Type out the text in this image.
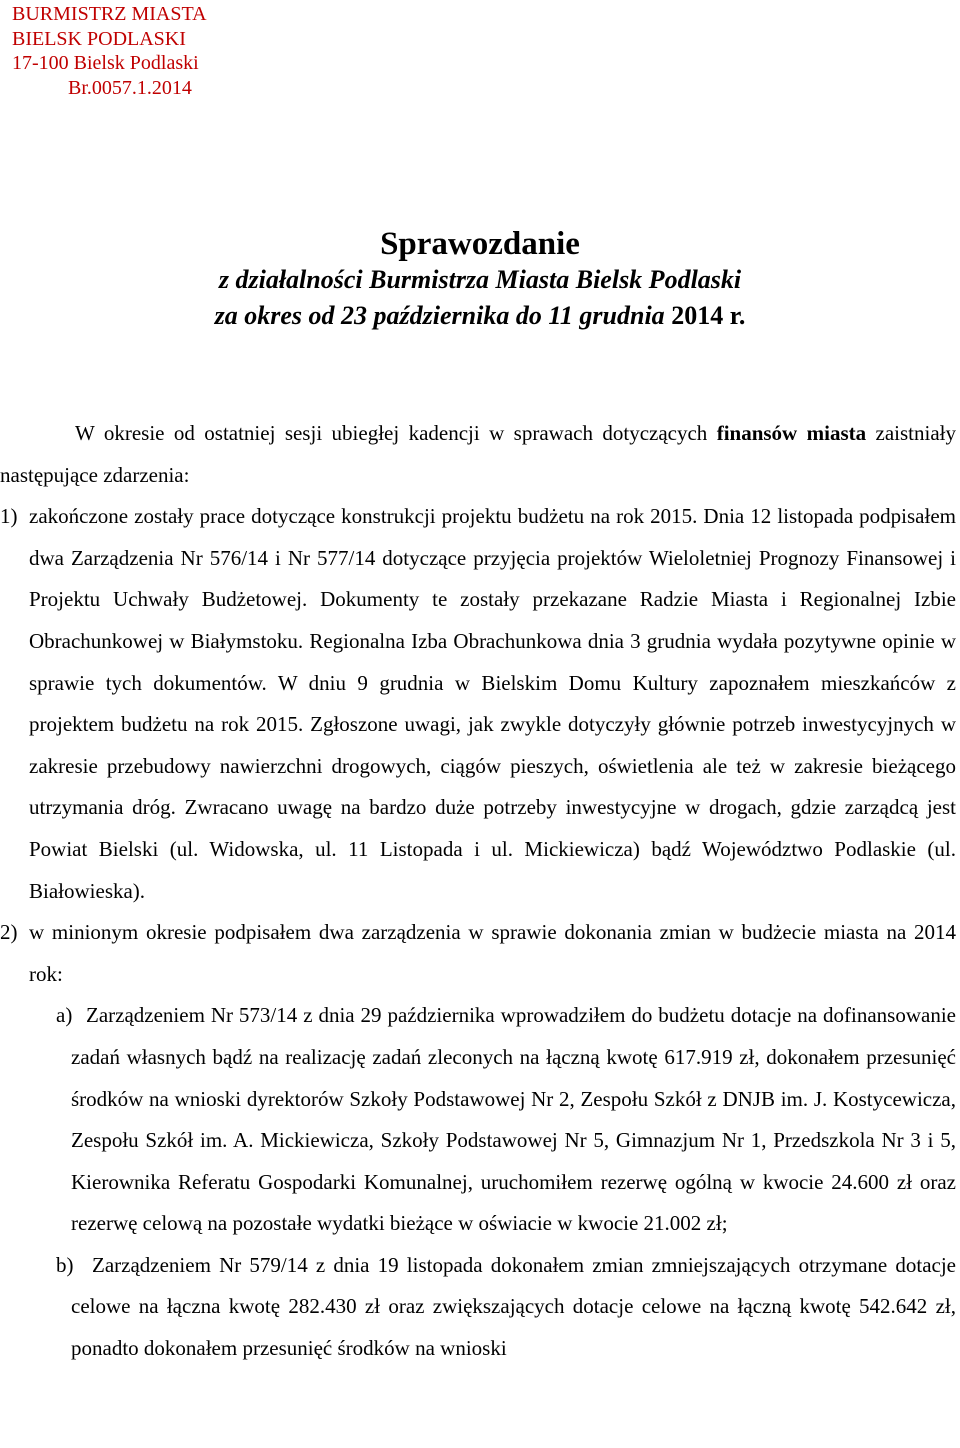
BURMISTRZ MIASTA
BIELSK PODLASKI
17-100 Bielsk Podlaski
Br.0057.1.2014
Sprawozdanie
z działalności Burmistrza Miasta Bielsk Podlaski
za okres od 23 października do 11 grudnia 2014 r.

W okresie od ostatniej sesji ubiegłej kadencji w sprawach dotyczących finansów miasta zaistniały następujące zdarzenia:

1) zakończone zostały prace dotyczące konstrukcji projektu budżetu na rok 2015. Dnia 12 listopada podpisałem dwa Zarządzenia Nr 576/14 i Nr 577/14 dotyczące przyjęcia projektów Wieloletniej Prognozy Finansowej i Projektu Uchwały Budżetowej. Dokumenty te zostały przekazane Radzie Miasta i Regionalnej Izbie Obrachunkowej w Białymstoku. Regionalna Izba Obrachunkowa dnia 3 grudnia wydała pozytywne opinie w sprawie tych dokumentów. W dniu 9 grudnia w Bielskim Domu Kultury zapoznałem mieszkańców z projektem budżetu na rok 2015. Zgłoszone uwagi, jak zwykle dotyczyły głównie potrzeb inwestycyjnych w zakresie przebudowy nawierzchni drogowych, ciągów pieszych, oświetlenia ale też w zakresie bieżącego utrzymania dróg. Zwracano uwagę na bardzo duże potrzeby inwestycyjne w drogach, gdzie zarządcą jest Powiat Bielski (ul. Widowska, ul. 11 Listopada i ul. Mickiewicza) bądź Województwo Podlaskie (ul. Białowieska).
2) w minionym okresie podpisałem dwa zarządzenia w sprawie dokonania zmian w budżecie miasta na 2014 rok:
a) Zarządzeniem Nr 573/14 z dnia 29 października wprowadziłem do budżetu dotacje na dofinansowanie zadań własnych bądź na realizację zadań zleconych na łączną kwotę 617.919 zł, dokonałem przesunięć środków na wnioski dyrektorów Szkoły Podstawowej Nr 2, Zespołu Szkół z DNJB im. J. Kostycewicza, Zespołu Szkół im. A. Mickiewicza, Szkoły Podstawowej Nr 5, Gimnazjum Nr 1, Przedszkola Nr 3 i 5, Kierownika Referatu Gospodarki Komunalnej, uruchomiłem rezerwę ogólną w kwocie 24.600 zł oraz rezerwę celową na pozostałe wydatki bieżące w oświacie w kwocie 21.002 zł;
b) Zarządzeniem Nr 579/14 z dnia 19 listopada dokonałem zmian zmniejszających otrzymane dotacje celowe na łączna kwotę 282.430 zł oraz zwiększających dotacje celowe na łączną kwotę 542.642 zł, ponadto dokonałem przesunięć środków na wnioski
